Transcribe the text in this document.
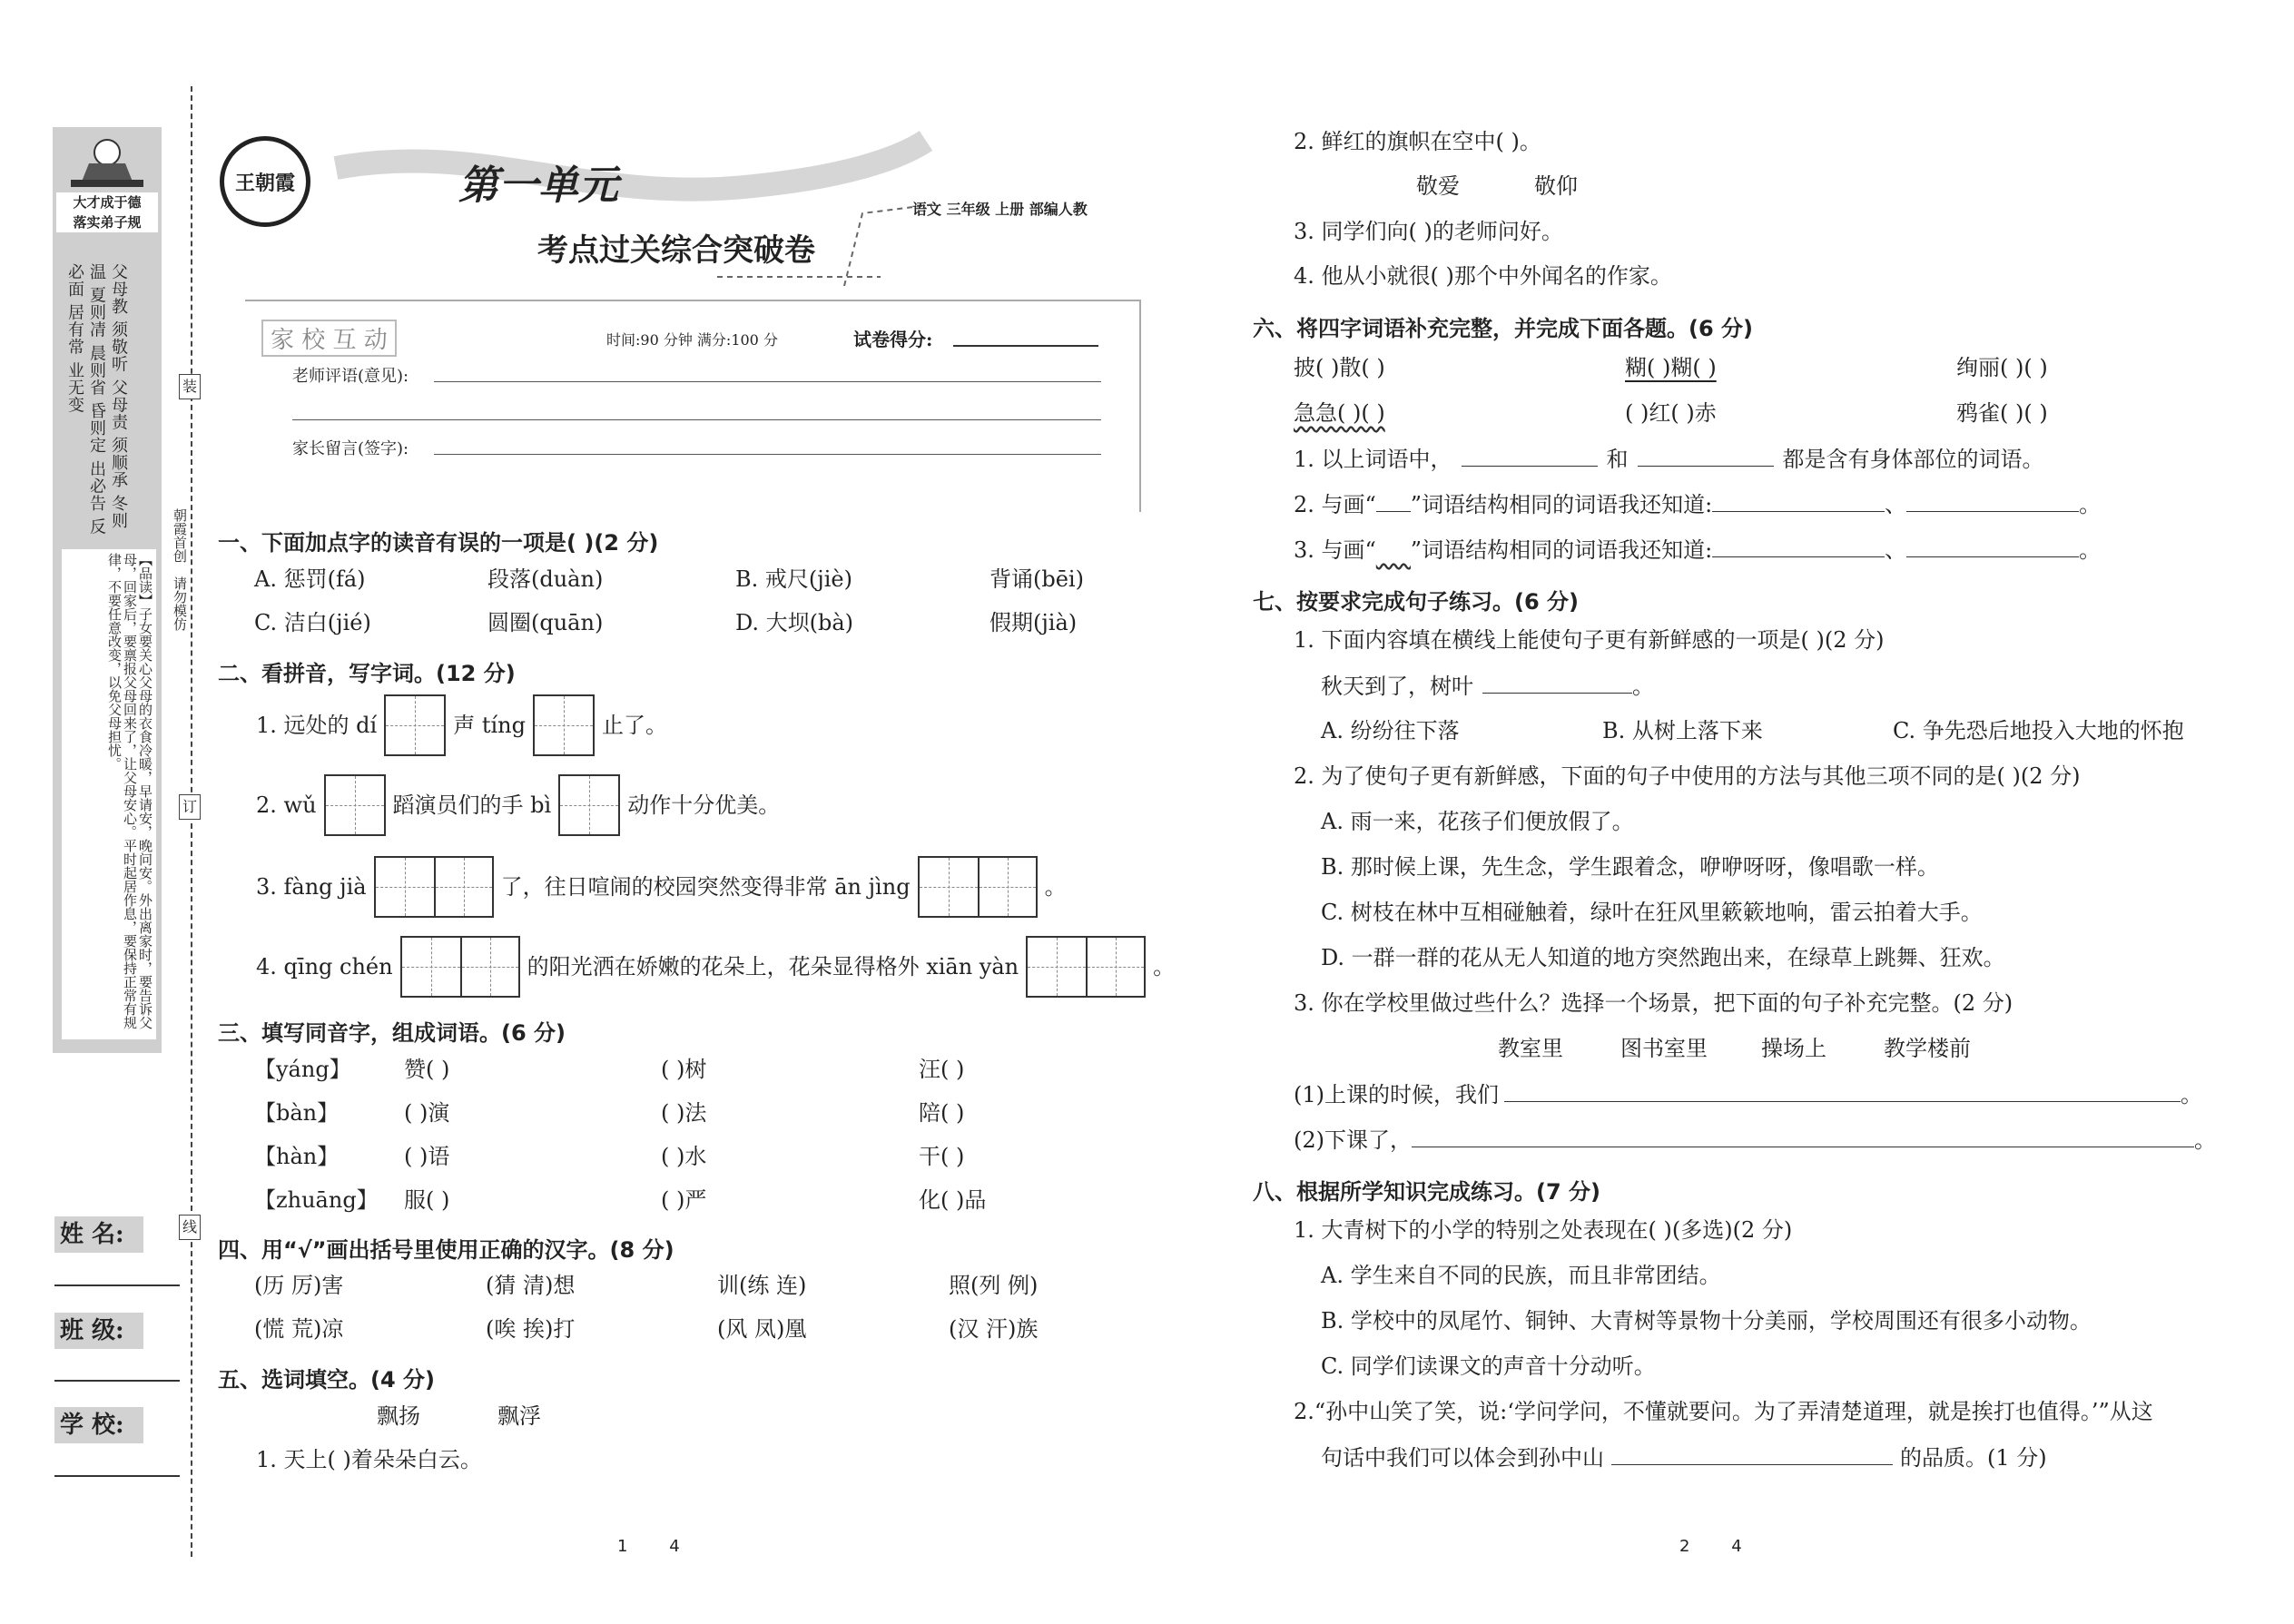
大才成于德
落实弟子规
父母教 须敬听 父母责 须顺承 冬则温 夏则凊 晨则省 昏则定 出必告 反必面 居有常 业无变
【品读】子女要关心父母的衣食冷暖，早请安，晚问安。外出离家时，要告诉父母，回家后，要禀报父母回来了，让父母安心。平时起居作息，要保持正常有规律，不要任意改变，以免父母担忧。
装
订
线
朝霞首创　请勿模仿
姓 名:
班 级:
学 校:
王朝霞	第一单元
考点过关综合突破卷
语文 三年级 上册 部编人教
家 校 互 动	时间:90 分钟 满分:100 分	试卷得分:
老师评语(意见):
家长留言(签字):
一、下面加点字的读音有误的一项是( )(2 分)
A. 惩罚(fá)	段落(duàn)	B. 戒尺(jiè)	背诵(bēi)
C. 洁白(jié)	圆圈(quān)	D. 大坝(bà)	假期(jià)
二、看拼音，写字词。(12 分)
1. 远处的 dí	声 tíng	止了。
2. wǔ	蹈演员们的手 bì	动作十分优美。
3. fàng jià	了，往日喧闹的校园突然变得非常 ān jìng	。
4. qīng chén	的阳光洒在娇嫩的花朵上，花朵显得格外 xiān yàn	。
三、填写同音字，组成词语。(6 分)
【yáng】 赞( )	( )树	汪( )
【bàn】	( )演	( )法	陪( )
【hàn】	( )语	( )水	干( )
【zhuāng】 服( )	( )严	化( )品
四、用“√”画出括号里使用正确的汉字。(8 分)
(历 厉)害	(猜 清)想	训(练 连)	照(列 例)
(慌 荒)凉	(唉 挨)打	(风 凤)凰	(汉 汗)族
五、选词填空。(4 分)
飘扬	飘浮
1. 天上( )着朵朵白云。
1        4
2. 鲜红的旗帜在空中( )。
敬爱	敬仰
3. 同学们向( )的老师问好。
4. 他从小就很( )那个中外闻名的作家。
六、将四字词语补充完整，并完成下面各题。(6 分)
披( )散( )	糊( )糊( )	绚丽( )( )
急急( )( )	( )红( )赤	鸦雀( )( )
1. 以上词语中，	和	都是含有身体部位的词语。
2. 与画“ ”词语结构相同的词语我还知道:	、	。
3. 与画“ ”词语结构相同的词语我还知道:	、	。
七、按要求完成句子练习。(6 分)
1. 下面内容填在横线上能使句子更有新鲜感的一项是( )(2 分)
秋天到了，树叶	。
A. 纷纷往下落	B. 从树上落下来	C. 争先恐后地投入大地的怀抱
2. 为了使句子更有新鲜感，下面的句子中使用的方法与其他三项不同的是( )(2 分)
A. 雨一来，花孩子们便放假了。
B. 那时候上课，先生念，学生跟着念，咿咿呀呀，像唱歌一样。
C. 树枝在林中互相碰触着，绿叶在狂风里簌簌地响，雷云拍着大手。
D. 一群一群的花从无人知道的地方突然跑出来，在绿草上跳舞、狂欢。
3. 你在学校里做过些什么？选择一个场景，把下面的句子补充完整。(2 分)
教室里	图书室里 操场上	教学楼前
(1)上课的时候，我们	。
(2)下课了，	。
八、根据所学知识完成练习。(7 分)
1. 大青树下的小学的特别之处表现在( )(多选)(2 分)
A. 学生来自不同的民族，而且非常团结。
B. 学校中的凤尾竹、铜钟、大青树等景物十分美丽，学校周围还有很多小动物。
C. 同学们读课文的声音十分动听。
2.“孙中山笑了笑，说:‘学问学问，不懂就要问。为了弄清楚道理，就是挨打也值得。’”从这
句话中我们可以体会到孙中山	的品质。(1 分)
2        4
